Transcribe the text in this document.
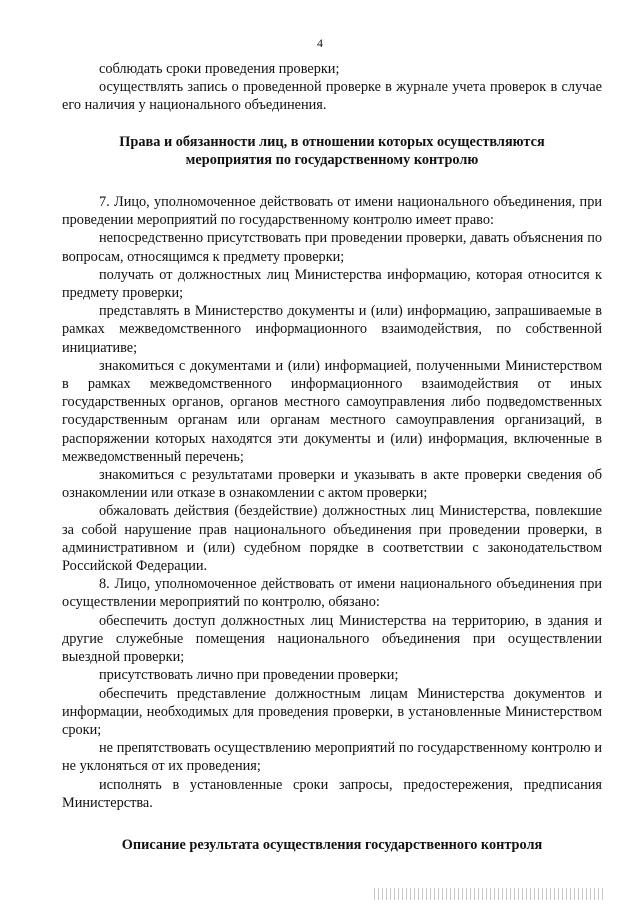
4

соблюдать сроки проведения проверки;

осуществлять запись о проведенной проверке в журнале учета проверок в случае его наличия у национального объединения.

Права и обязанности лиц, в отношении которых осуществляются
мероприятия по государственному контролю

7. Лицо, уполномоченное действовать от имени национального объединения, при проведении мероприятий по государственному контролю имеет право:

непосредственно присутствовать при проведении проверки, давать объяснения по вопросам, относящимся к предмету проверки;

получать от должностных лиц Министерства информацию, которая относится к предмету проверки;

представлять в Министерство документы и (или) информацию, запрашиваемые в рамках межведомственного информационного взаимодействия, по собственной инициативе;

знакомиться с документами и (или) информацией, полученными Министерством в рамках межведомственного информационного взаимодействия от иных государственных органов, органов местного самоуправления либо подведомственных государственным органам или органам местного самоуправления организаций, в распоряжении которых находятся эти документы и (или) информация, включенные в межведомственный перечень;

знакомиться с результатами проверки и указывать в акте проверки сведения об ознакомлении или отказе в ознакомлении с актом проверки;

обжаловать действия (бездействие) должностных лиц Министерства, повлекшие за собой нарушение прав национального объединения при проведении проверки, в административном и (или) судебном порядке в соответствии с законодательством Российской Федерации.

8. Лицо, уполномоченное действовать от имени национального объединения при осуществлении мероприятий по контролю, обязано:

обеспечить доступ должностных лиц Министерства на территорию, в здания и другие служебные помещения национального объединения при осуществлении выездной проверки;

присутствовать лично при проведении проверки;

обеспечить представление должностным лицам Министерства документов и информации, необходимых для проведения проверки, в установленные Министерством сроки;

не препятствовать осуществлению мероприятий по государственному контролю и не уклоняться от их проведения;

исполнять в установленные сроки запросы, предостережения, предписания Министерства.

Описание результата осуществления государственного контроля
